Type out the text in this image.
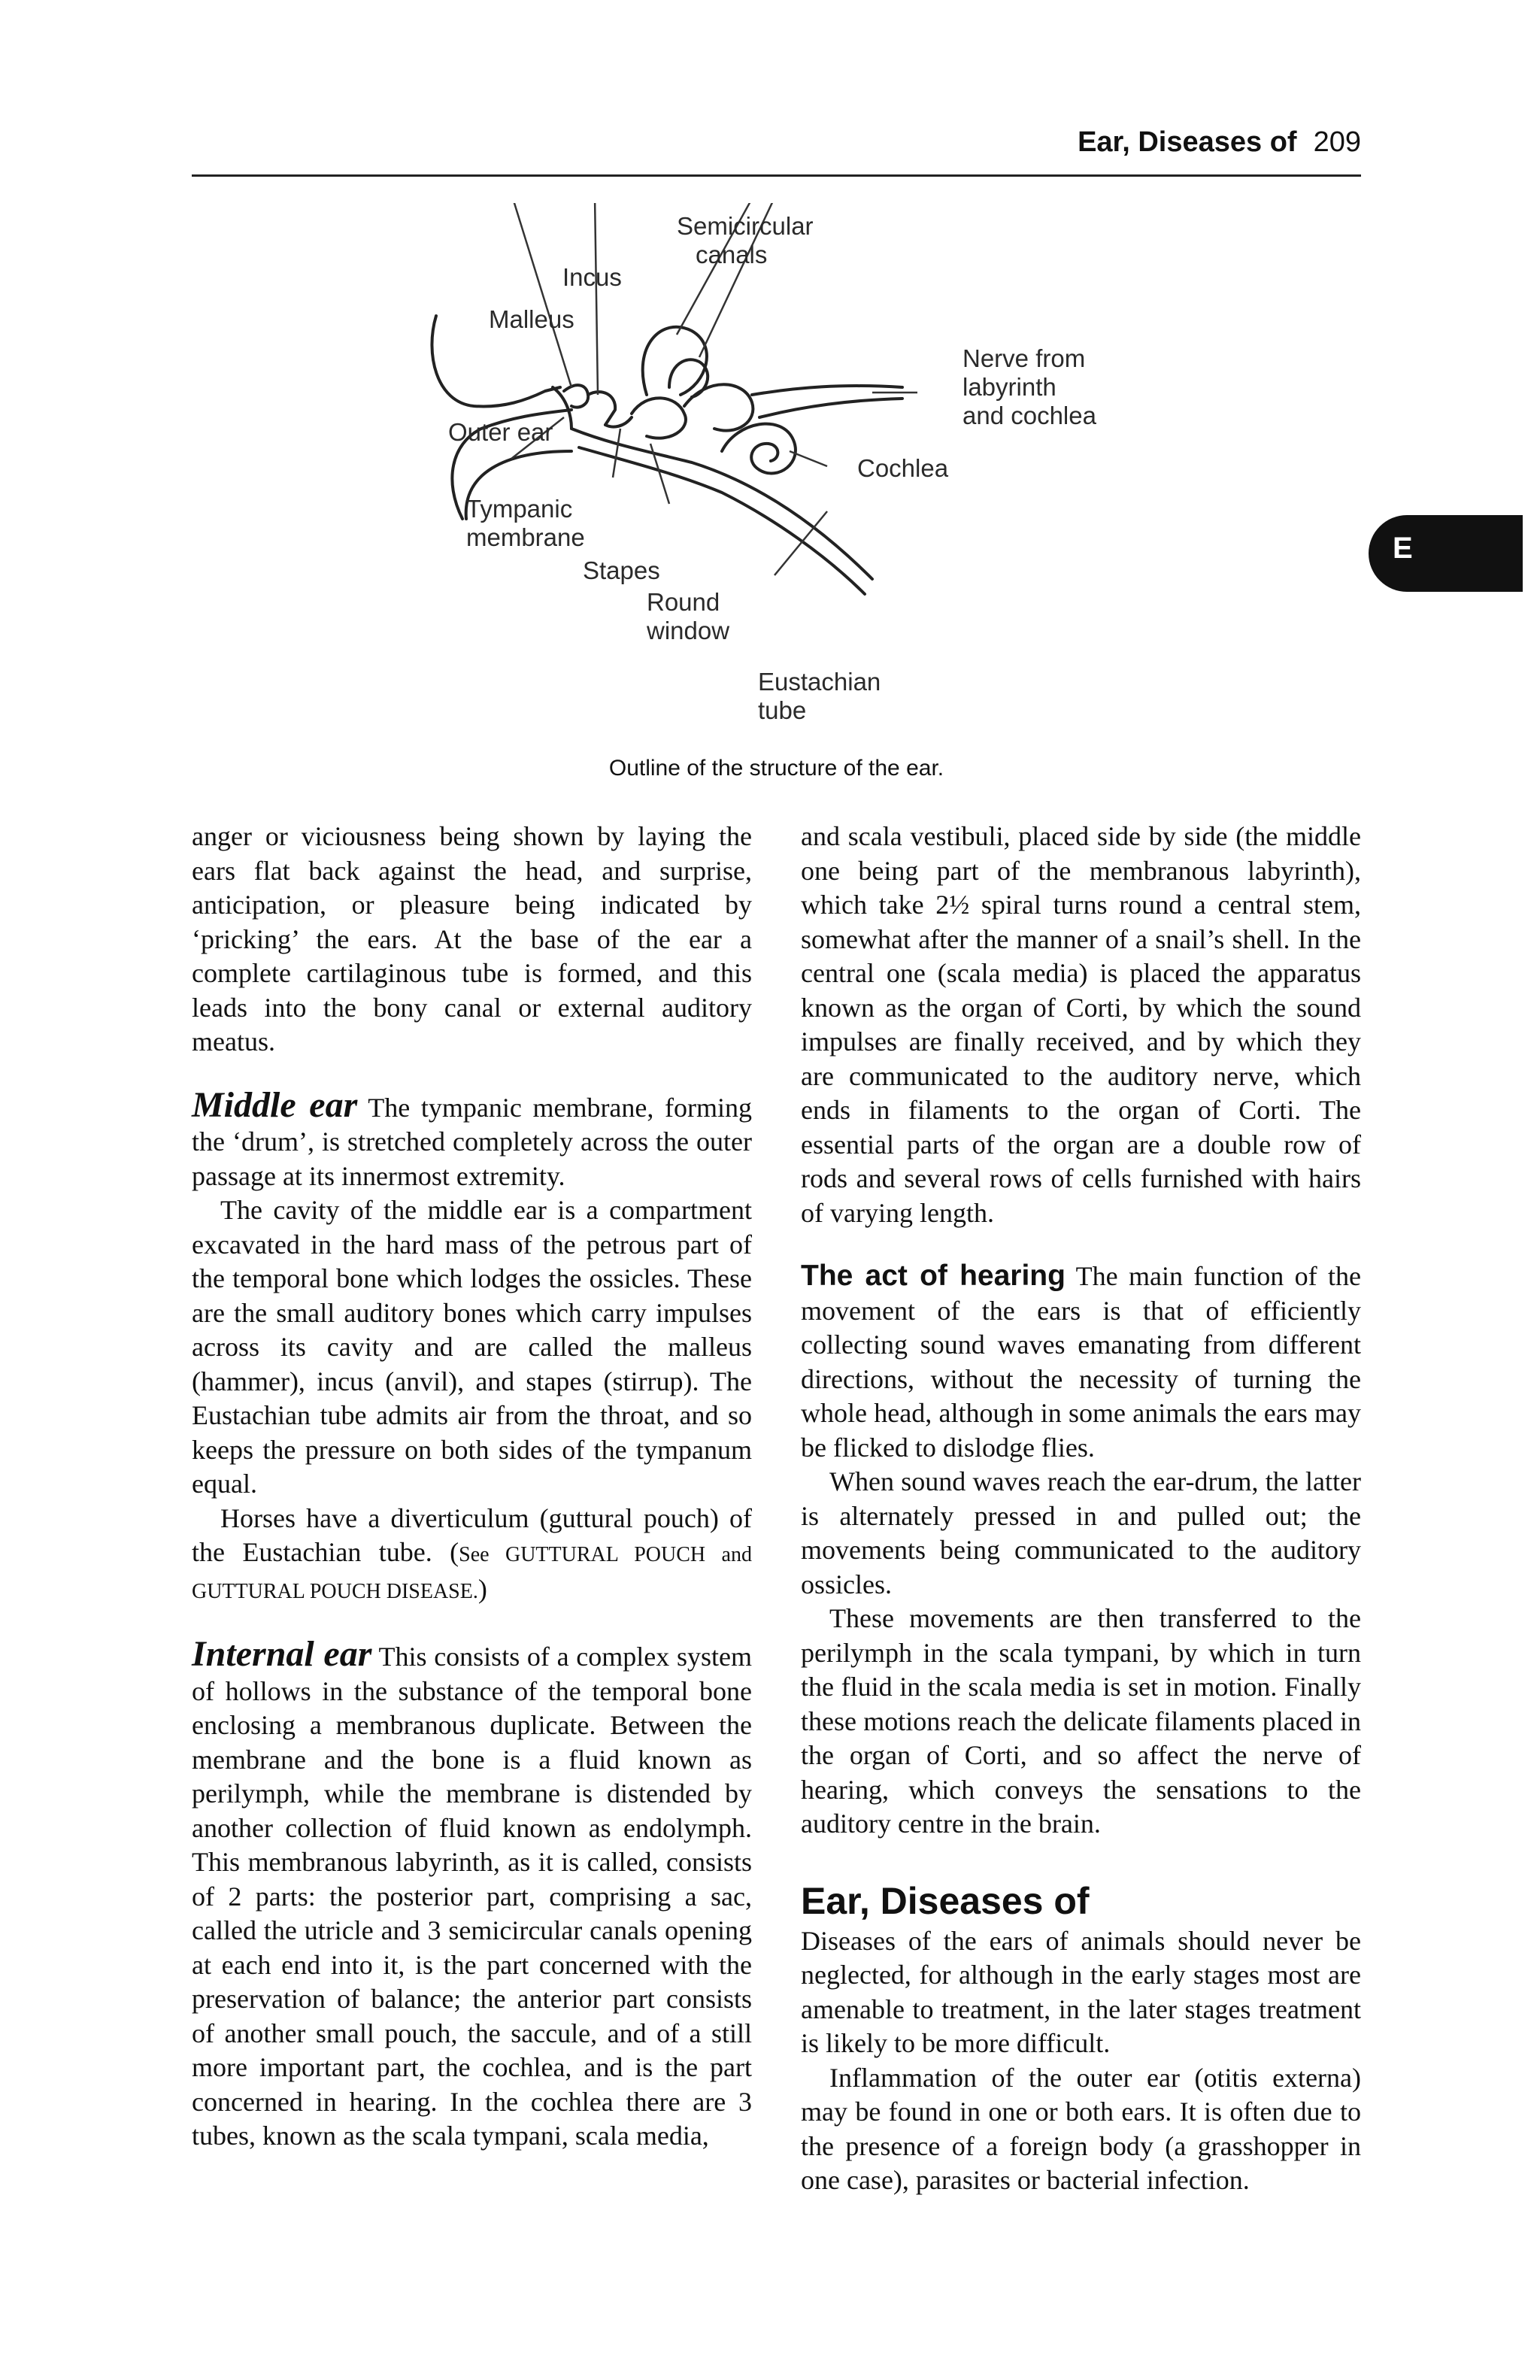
Ear, Diseases of 209
E
Semicircular
canals
Incus
Malleus
Nerve from
labyrinth
and cochlea
Outer ear
Cochlea
Tympanic
membrane
Stapes
Round
window
Eustachian
tube
Outline of the structure of the ear.

anger or viciousness being shown by laying the ears flat back against the head, and surprise, anticipation, or pleasure being indicated by ‘pricking’ the ears. At the base of the ear a complete cartilaginous tube is formed, and this leads into the bony canal or external auditory meatus.

Middle ear The tympanic membrane, forming the ‘drum’, is stretched completely across the outer passage at its innermost extremity.

The cavity of the middle ear is a compartment excavated in the hard mass of the petrous part of the temporal bone which lodges the ossicles. These are the small auditory bones which carry impulses across its cavity and are called the malleus (hammer), incus (anvil), and stapes (stirrup). The Eustachian tube admits air from the throat, and so keeps the pressure on both sides of the tympanum equal.

Horses have a diverticulum (guttural pouch) of the Eustachian tube. (See GUTTURAL POUCH and GUTTURAL POUCH DISEASE.)

Internal ear This consists of a complex system of hollows in the substance of the temporal bone enclosing a membranous duplicate. Between the membrane and the bone is a fluid known as perilymph, while the membrane is distended by another collection of fluid known as endolymph. This membranous labyrinth, as it is called, consists of 2 parts: the posterior part, comprising a sac, called the utricle and 3 semicircular canals opening at each end into it, is the part concerned with the preservation of balance; the anterior part consists of another small pouch, the saccule, and of a still more important part, the cochlea, and is the part concerned in hearing. In the cochlea there are 3 tubes, known as the scala tympani, scala media,

and scala vestibuli, placed side by side (the middle one being part of the membranous labyrinth), which take 2½ spiral turns round a central stem, somewhat after the manner of a snail’s shell. In the central one (scala media) is placed the apparatus known as the organ of Corti, by which the sound impulses are finally received, and by which they are communicated to the auditory nerve, which ends in filaments to the organ of Corti. The essential parts of the organ are a double row of rods and several rows of cells furnished with hairs of varying length.

The act of hearing The main function of the movement of the ears is that of efficiently collecting sound waves emanating from different directions, without the necessity of turning the whole head, although in some animals the ears may be flicked to dislodge flies.

When sound waves reach the ear-drum, the latter is alternately pressed in and pulled out; the movements being communicated to the auditory ossicles.

These movements are then transferred to the perilymph in the scala tympani, by which in turn the fluid in the scala media is set in motion. Finally these motions reach the delicate filaments placed in the organ of Corti, and so affect the nerve of hearing, which conveys the sensations to the auditory centre in the brain.

Ear, Diseases of

Diseases of the ears of animals should never be neglected, for although in the early stages most are amenable to treatment, in the later stages treatment is likely to be more difficult.

Inflammation of the outer ear (otitis externa) may be found in one or both ears. It is often due to the presence of a foreign body (a grasshopper in one case), parasites or bacterial infection.
